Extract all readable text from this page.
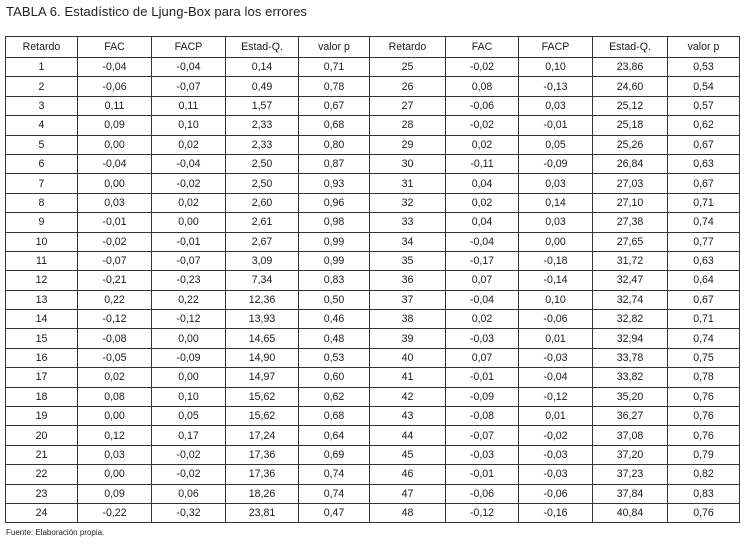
TABLA 6. Estadístico de Ljung-Box para los errores
Retardo	FAC	FACP	Estad-Q.	valor p	Retardo	FAC	FACP	Estad-Q.	valor p
1	-0,04	-0,04	0,14	0,71	25	-0,02	0,10	23,86	0,53
2	-0,06	-0,07	0,49	0,78	26	0,08	-0,13	24,60	0,54
3	0,11	0,11	1,57	0,67	27	-0,06	0,03	25,12	0,57
4	0,09	0,10	2,33	0,68	28	-0,02	-0,01	25,18	0,62
5	0,00	0,02	2,33	0,80	29	0,02	0,05	25,26	0,67
6	-0,04	-0,04	2,50	0,87	30	-0,11	-0,09	26,84	0,63
7	0,00	-0,02	2,50	0,93	31	0,04	0,03	27,03	0,67
8	0,03	0,02	2,60	0,96	32	0,02	0,14	27,10	0,71
9	-0,01	0,00	2,61	0,98	33	0,04	0,03	27,38	0,74
10	-0,02	-0,01	2,67	0,99	34	-0,04	0,00	27,65	0,77
11	-0,07	-0,07	3,09	0,99	35	-0,17	-0,18	31,72	0,63
12	-0,21	-0,23	7,34	0,83	36	0,07	-0,14	32,47	0,64
13	0,22	0,22	12,36	0,50	37	-0,04	0,10	32,74	0,67
14	-0,12	-0,12	13,93	0,46	38	0,02	-0,06	32,82	0,71
15	-0,08	0,00	14,65	0,48	39	-0,03	0,01	32,94	0,74
16	-0,05	-0,09	14,90	0,53	40	0,07	-0,03	33,78	0,75
17	0,02	0,00	14,97	0,60	41	-0,01	-0,04	33,82	0,78
18	0,08	0,10	15,62	0,62	42	-0,09	-0,12	35,20	0,76
19	0,00	0,05	15,62	0,68	43	-0,08	0,01	36,27	0,76
20	0,12	0,17	17,24	0,64	44	-0,07	-0,02	37,08	0,76
21	0,03	-0,02	17,36	0,69	45	-0,03	-0,03	37,20	0,79
22	0,00	-0,02	17,36	0,74	46	-0,01	-0,03	37,23	0,82
23	0,09	0,06	18,26	0,74	47	-0,06	-0,06	37,84	0,83
24	-0,22	-0,32	23,81	0,47	48	-0,12	-0,16	40,84	0,76
Fuente: Elaboración propia.
